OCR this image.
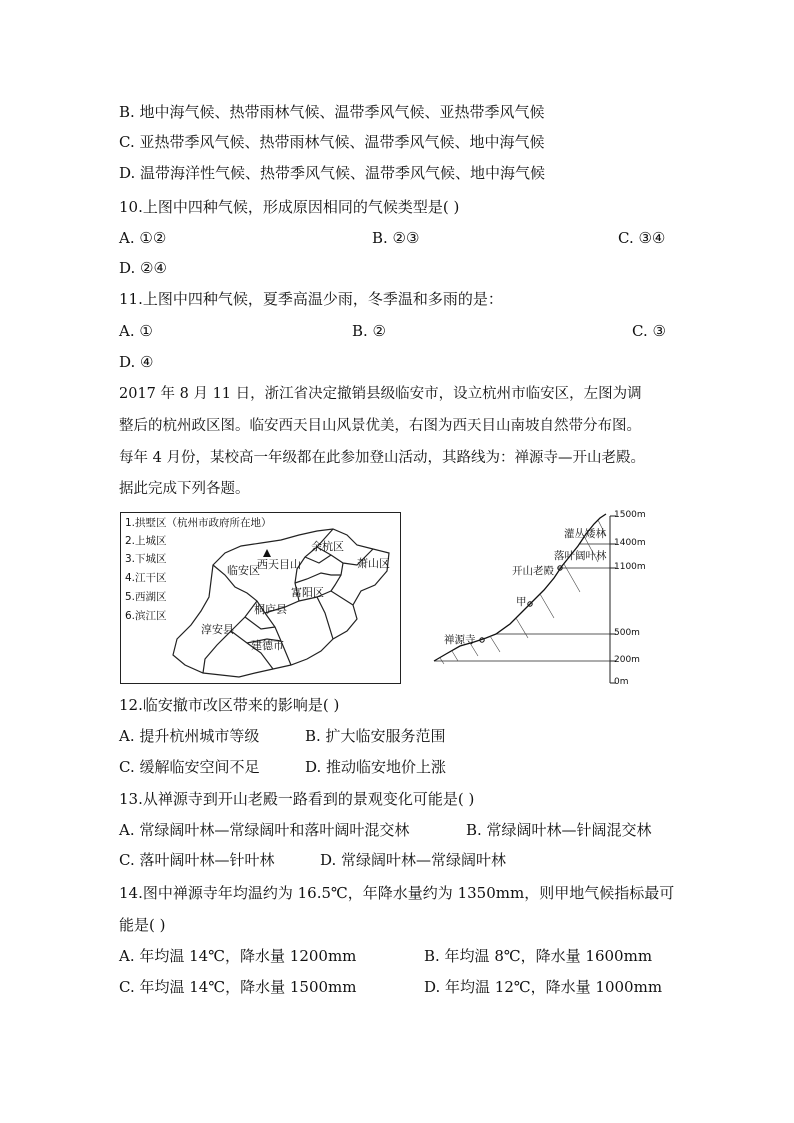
B. 地中海气候、热带雨林气候、温带季风气候、亚热带季风气候
C. 亚热带季风气候、热带雨林气候、温带季风气候、地中海气候
D. 温带海洋性气候、热带季风气候、温带季风气候、地中海气候
10.上图中四种气候，形成原因相同的气候类型是( )
A. ①②	B. ②③	C. ③④
D. ②④
11.上图中四种气候，夏季高温少雨，冬季温和多雨的是：
A. ①	B. ②	C. ③
D. ④
2017 年 8 月 11 日，浙江省决定撤销县级临安市，设立杭州市临安区，左图为调
整后的杭州政区图。临安西天目山风景优美，右图为西天目山南坡自然带分布图。
每年 4 月份，某校高一年级都在此参加登山活动，其路线为：禅源寺—开山老殿。
据此完成下列各题。
1.拱墅区（杭州市政府所在地）
2.上城区
3.下城区
4.江干区
5.西湖区
6.滨江区
余杭区
西天目山
临安区
萧山区
富阳区
桐庐县
淳安县
建德市
灌丛矮林
落叶阔叶林
开山老殿
甲
禅源寺
1500m
1400m
1100m
500m
200m
0m
12.临安撤市改区带来的影响是( )
A. 提升杭州城市等级	B. 扩大临安服务范围
C. 缓解临安空间不足	D. 推动临安地价上涨
13.从禅源寺到开山老殿一路看到的景观变化可能是( )
A. 常绿阔叶林—常绿阔叶和落叶阔叶混交林	B. 常绿阔叶林—针阔混交林
C. 落叶阔叶林—针叶林	D. 常绿阔叶林—常绿阔叶林
14.图中禅源寺年均温约为 16.5℃，年降水量约为 1350mm，则甲地气候指标最可
能是( )
A. 年均温 14℃，降水量 1200mm	B. 年均温 8℃，降水量 1600mm
C. 年均温 14℃，降水量 1500mm	D. 年均温 12℃，降水量 1000mm
